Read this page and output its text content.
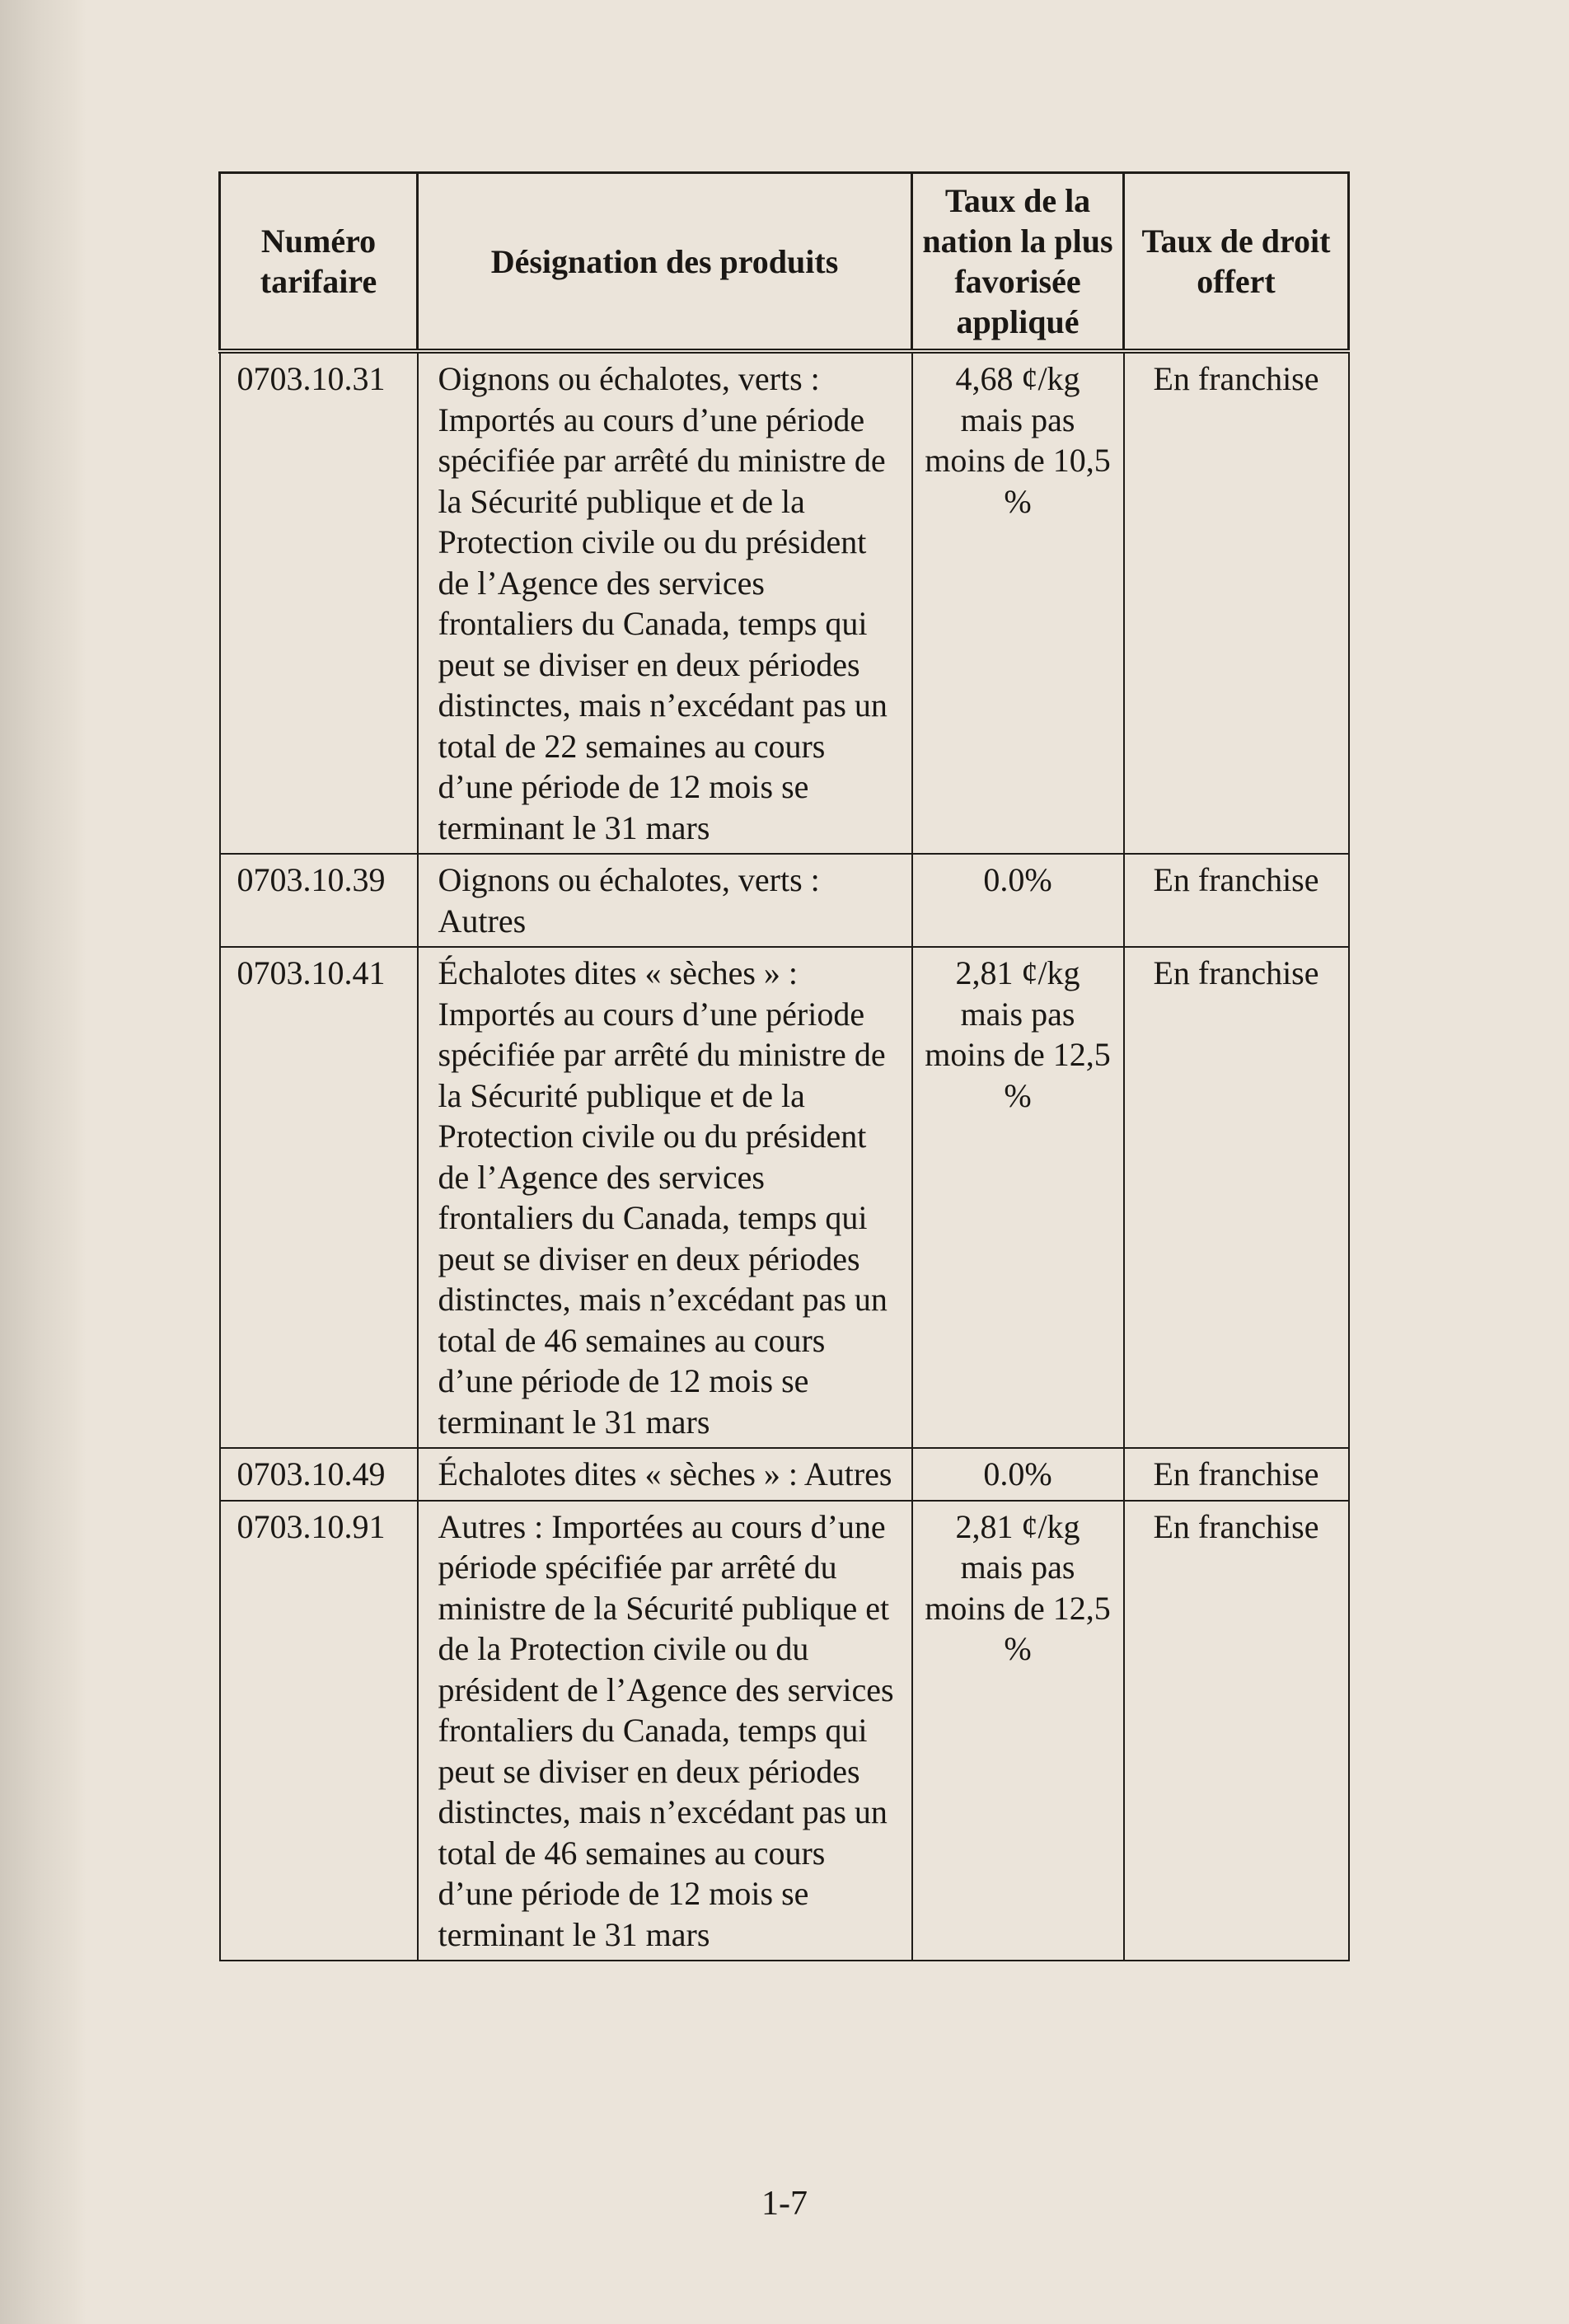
Numéro tarifaire	Désignation des produits	Taux de la nation la plus favorisée appliqué	Taux de droit offert
0703.10.31	Oignons ou échalotes, verts : Importés au cours d’une période spécifiée par arrêté du ministre de la Sécurité publique et de la Protection civile ou du président de l’Agence des services frontaliers du Canada, temps qui peut se diviser en deux périodes distinctes, mais n’excédant pas un total de 22 semaines au cours d’une période de 12 mois se terminant le 31 mars	4,68 ¢/kg mais pas moins de 10,5 %	En franchise
0703.10.39	Oignons ou échalotes, verts : Autres	0.0%	En franchise
0703.10.41	Échalotes dites « sèches » : Importés au cours d’une période spécifiée par arrêté du ministre de la Sécurité publique et de la Protection civile ou du président de l’Agence des services frontaliers du Canada, temps qui peut se diviser en deux périodes distinctes, mais n’excédant pas un total de 46 semaines au cours d’une période de 12 mois se terminant le 31 mars	2,81 ¢/kg mais pas moins de 12,5 %	En franchise
0703.10.49	Échalotes dites « sèches » : Autres	0.0%	En franchise
0703.10.91	Autres : Importées au cours d’une période spécifiée par arrêté du ministre de la Sécurité publique et de la Protection civile ou du président de l’Agence des services frontaliers du Canada, temps qui peut se diviser en deux périodes distinctes, mais n’excédant pas un total de 46 semaines au cours d’une période de 12 mois se terminant le 31 mars	2,81 ¢/kg mais pas moins de 12,5 %	En franchise
1-7
